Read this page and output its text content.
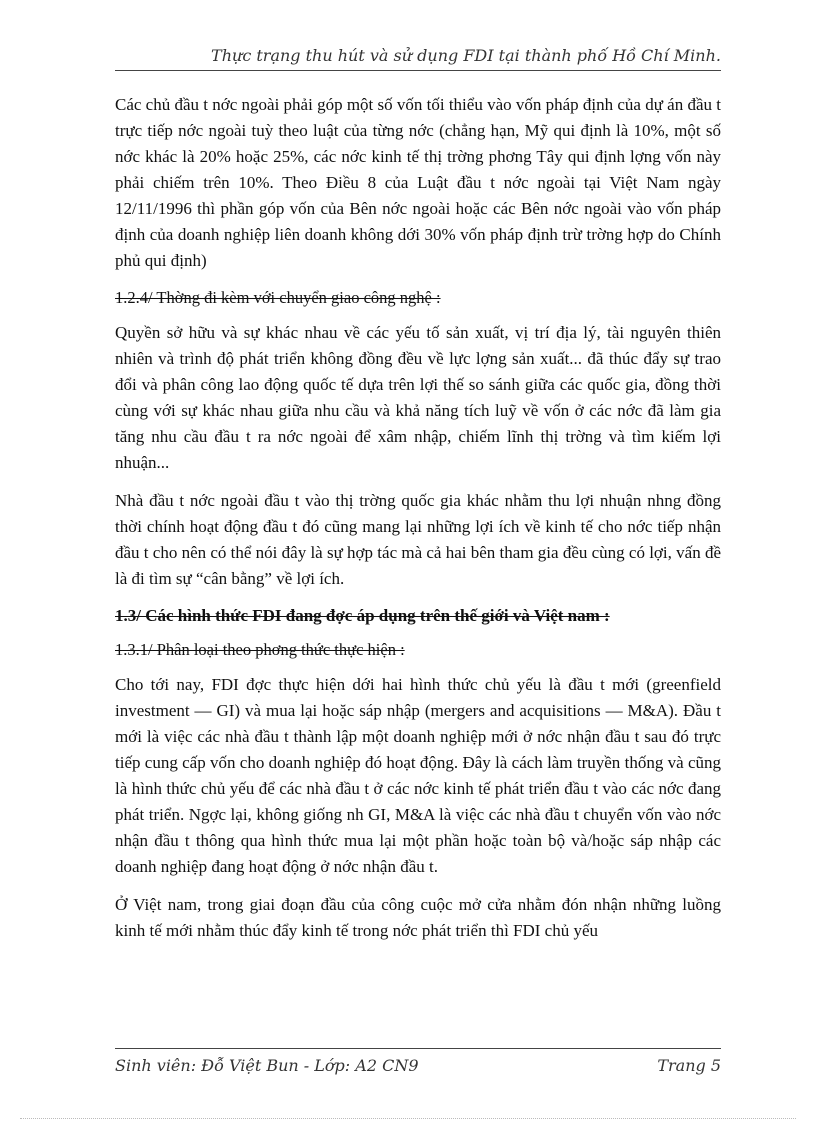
Thực trạng thu hút và sử dụng FDI tại thành phố Hồ Chí Minh.

Các chủ đầu t nớc ngoài phải góp một số vốn tối thiểu vào vốn pháp định của dự án đầu t trực tiếp nớc ngoài tuỳ theo luật của từng nớc (chẳng hạn, Mỹ qui định là 10%, một số nớc khác là 20% hoặc 25%, các nớc kinh tế thị trờng phơng Tây qui định lợng vốn này phải chiếm trên 10%. Theo Điều 8 của Luật đầu t nớc ngoài tại Việt Nam ngày 12/11/1996 thì phần góp vốn của Bên nớc ngoài hoặc các Bên nớc ngoài vào vốn pháp định của doanh nghiệp liên doanh không dới 30% vốn pháp định trừ trờng hợp do Chính phủ qui định)

1.2.4/ Thờng đi kèm với chuyển giao công nghệ :

Quyền sở hữu và sự khác nhau về các yếu tố sản xuất, vị trí địa lý, tài nguyên thiên nhiên và trình độ phát triển không đồng đều về lực lợng sản xuất... đã thúc đẩy sự trao đổi và phân công lao động quốc tế dựa trên lợi thế so sánh giữa các quốc gia, đồng thời cùng với sự khác nhau giữa nhu cầu và khả năng tích luỹ về vốn ở các nớc đã làm gia tăng nhu cầu đầu t ra nớc ngoài để xâm nhập, chiếm lĩnh thị trờng và tìm kiếm lợi nhuận...

Nhà đầu t nớc ngoài đầu t vào thị trờng quốc gia khác nhằm thu lợi nhuận nhng đồng thời chính hoạt động đầu t đó cũng mang lại những lợi ích về kinh tế cho nớc tiếp nhận đầu t cho nên có thể nói đây là sự hợp tác mà cả hai bên tham gia đều cùng có lợi, vấn đề là đi tìm sự “cân bằng” về lợi ích.

1.3/ Các hình thức FDI đang đợc áp dụng trên thế giới và Việt nam :
1.3.1/ Phân loại theo phơng thức thực hiện :

Cho tới nay, FDI đợc thực hiện dới hai hình thức chủ yếu là đầu t mới (greenfield investment — GI) và mua lại hoặc sáp nhập (mergers and acquisitions — M&A). Đầu t mới là việc các nhà đầu t thành lập một doanh nghiệp mới ở nớc nhận đầu t sau đó trực tiếp cung cấp vốn cho doanh nghiệp đó hoạt động. Đây là cách làm truyền thống và cũng là hình thức chủ yếu để các nhà đầu t ở các nớc kinh tế phát triển đầu t vào các nớc đang phát triển. Ngợc lại, không giống nh GI, M&A là việc các nhà đầu t chuyển vốn vào nớc nhận đầu t thông qua hình thức mua lại một phần hoặc toàn bộ và/hoặc sáp nhập các doanh nghiệp đang hoạt động ở nớc nhận đầu t.

Ở Việt nam, trong giai đoạn đầu của công cuộc mở cửa nhằm đón nhận những luồng kinh tế mới nhằm thúc đẩy kinh tế trong nớc phát triển thì FDI chủ yếu

Sinh viên: Đỗ Việt Bun - Lớp: A2 CN9	Trang 5
